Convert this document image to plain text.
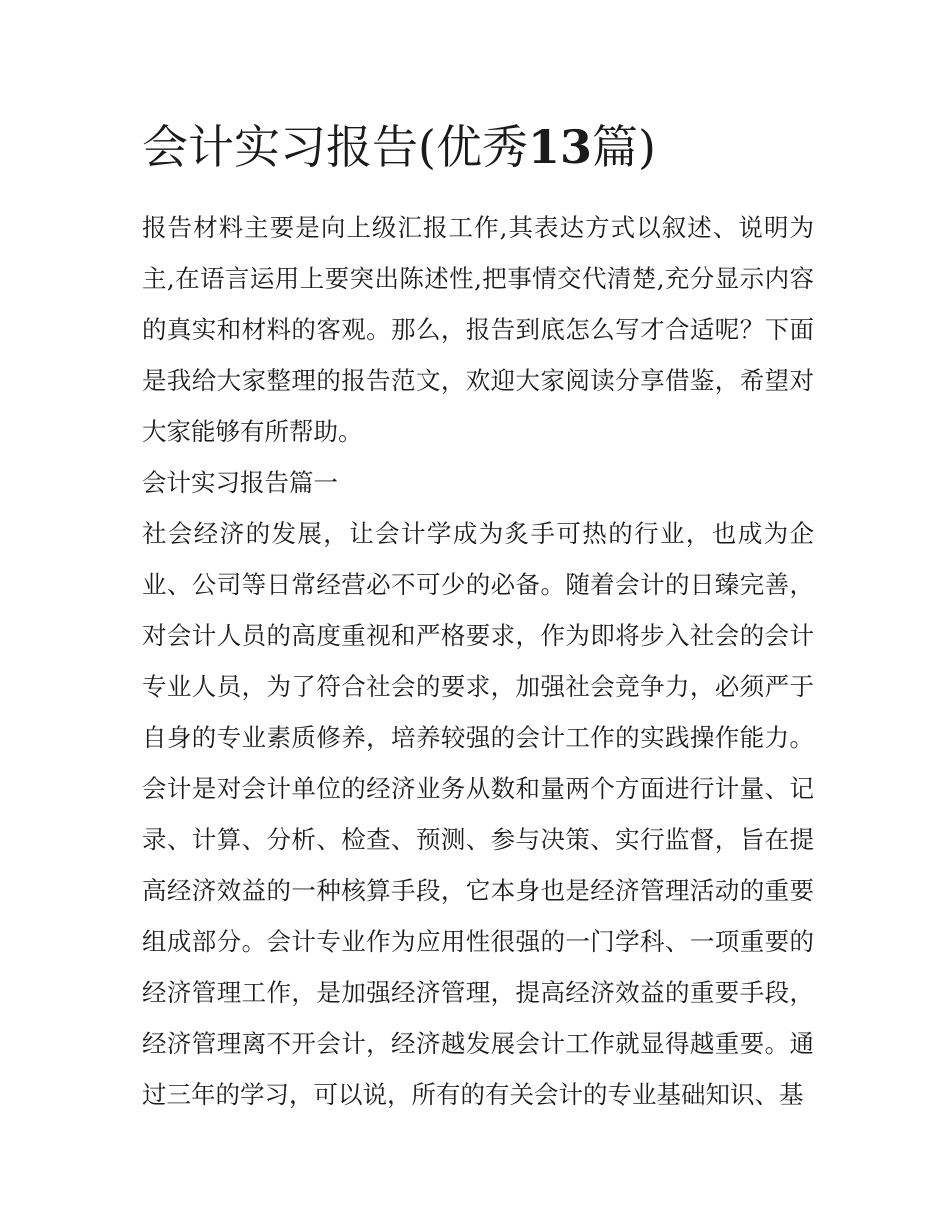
会计实习报告(优秀13篇)

报告材料主要是向上级汇报工作,其表达方式以叙述、说明为主,在语言运用上要突出陈述性,把事情交代清楚,充分显示内容的真实和材料的客观。那么，报告到底怎么写才合适呢？下面是我给大家整理的报告范文，欢迎大家阅读分享借鉴，希望对大家能够有所帮助。

会计实习报告篇一

社会经济的发展，让会计学成为炙手可热的行业，也成为企业、公司等日常经营必不可少的必备。随着会计的日臻完善，对会计人员的高度重视和严格要求，作为即将步入社会的会计专业人员，为了符合社会的要求，加强社会竞争力，必须严于自身的专业素质修养，培养较强的会计工作的实践操作能力。会计是对会计单位的经济业务从数和量两个方面进行计量、记录、计算、分析、检查、预测、参与决策、实行监督，旨在提高经济效益的一种核算手段，它本身也是经济管理活动的重要组成部分。会计专业作为应用性很强的一门学科、一项重要的经济管理工作，是加强经济管理，提高经济效益的重要手段，经济管理离不开会计，经济越发展会计工作就显得越重要。通过三年的学习，可以说，所有的有关会计的专业基础知识、基
